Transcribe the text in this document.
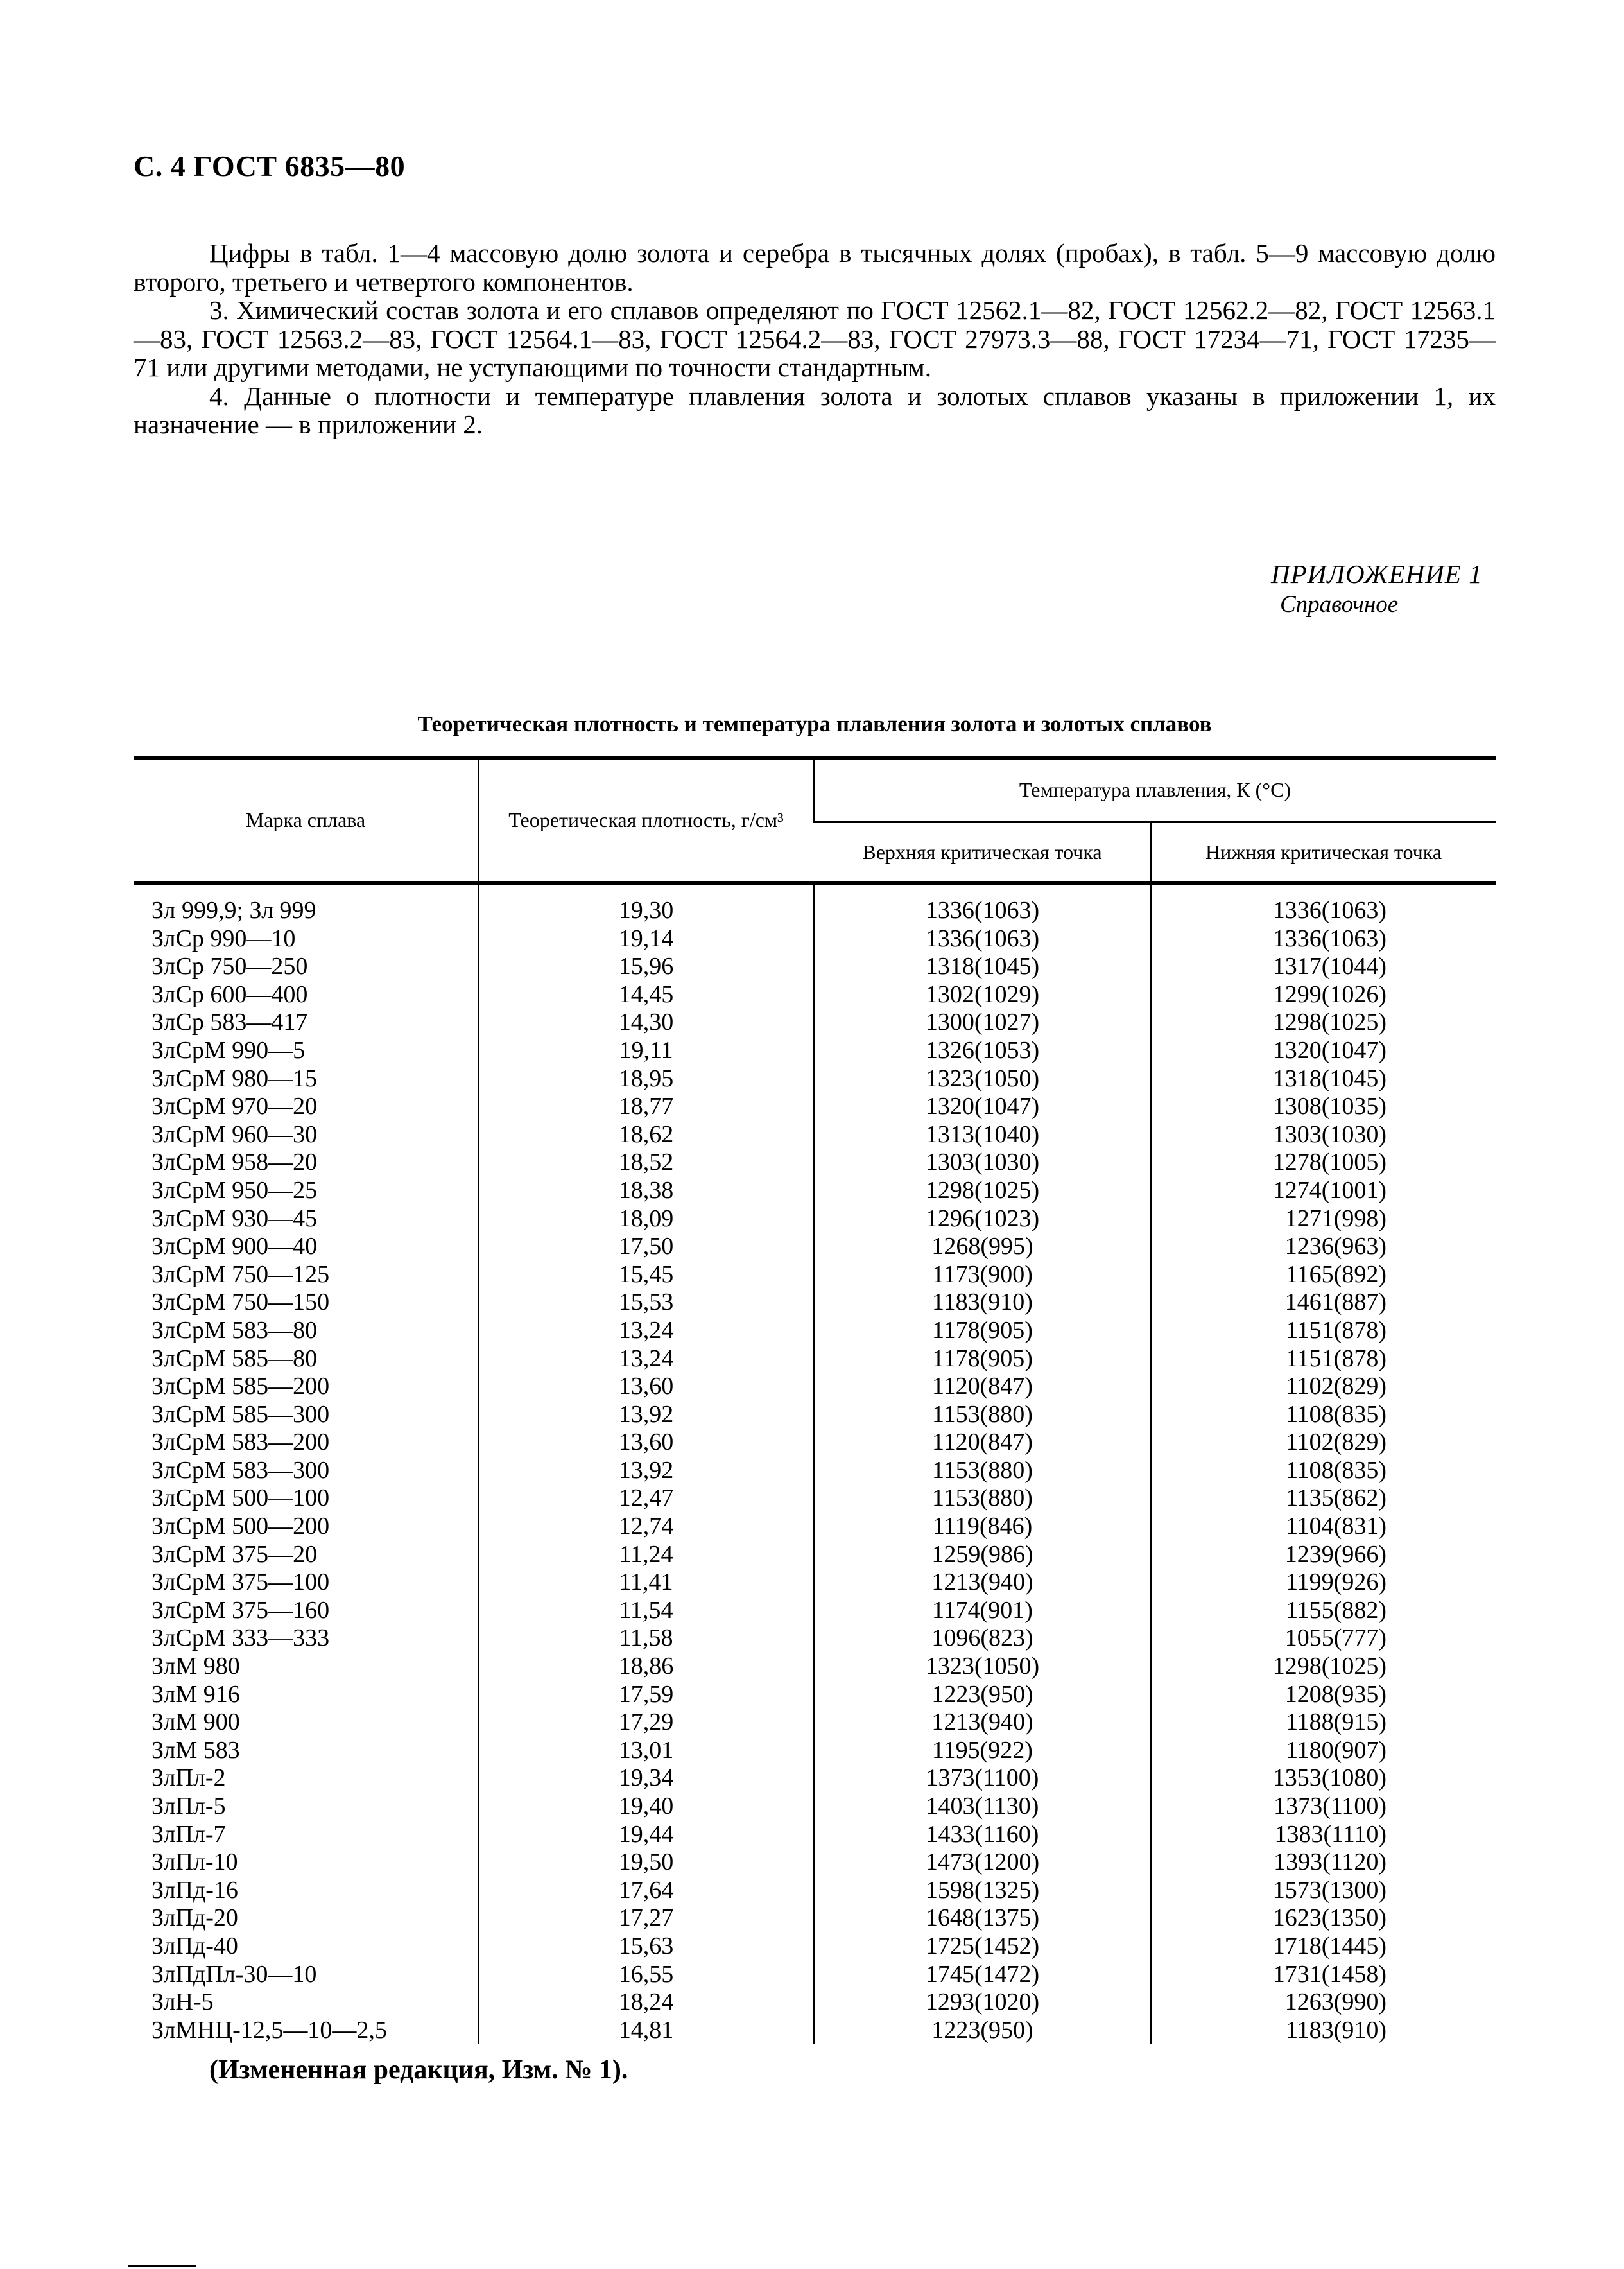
С. 4 ГОСТ 6835—80

Цифры в табл. 1—4 массовую долю золота и серебра в тысячных долях (пробах), в табл. 5—9 массовую долю второго, третьего и четвертого компонентов.

3. Химический состав золота и его сплавов определяют по ГОСТ 12562.1—82, ГОСТ 12562.2—82, ГОСТ 12563.1—83, ГОСТ 12563.2—83, ГОСТ 12564.1—83, ГОСТ 12564.2—83, ГОСТ 27973.3—88, ГОСТ 17234—71, ГОСТ 17235—71 или другими методами, не уступающими по точности стандартным.

4. Данные о плотности и температуре плавления золота и золотых сплавов указаны в приложении 1, их назначение — в приложении 2.

ПРИЛОЖЕНИЕ 1
Справочное
Теоретическая плотность и температура плавления золота и золотых сплавов
Марка сплава	Теоретическая плотность, г/см³	Температура плавления, К (°С)	
		Верхняя критическая точка	Нижняя критическая точка
Зл 999,9; Зл 999	19,30	1336(1063)	1336(1063)
ЗлСр 990—10	19,14	1336(1063)	1336(1063)
ЗлСр 750—250	15,96	1318(1045)	1317(1044)
ЗлСр 600—400	14,45	1302(1029)	1299(1026)
ЗлСр 583—417	14,30	1300(1027)	1298(1025)
ЗлСрМ 990—5	19,11	1326(1053)	1320(1047)
ЗлСрМ 980—15	18,95	1323(1050)	1318(1045)
ЗлСрМ 970—20	18,77	1320(1047)	1308(1035)
ЗлСрМ 960—30	18,62	1313(1040)	1303(1030)
ЗлСрМ 958—20	18,52	1303(1030)	1278(1005)
ЗлСрМ 950—25	18,38	1298(1025)	1274(1001)
ЗлСрМ 930—45	18,09	1296(1023)	1271(998)
ЗлСрМ 900—40	17,50	1268(995)	1236(963)
ЗлСрМ 750—125	15,45	1173(900)	1165(892)
ЗлСрМ 750—150	15,53	1183(910)	1461(887)
ЗлСрМ 583—80	13,24	1178(905)	1151(878)
ЗлСрМ 585—80	13,24	1178(905)	1151(878)
ЗлСрМ 585—200	13,60	1120(847)	1102(829)
ЗлСрМ 585—300	13,92	1153(880)	1108(835)
ЗлСрМ 583—200	13,60	1120(847)	1102(829)
ЗлСрМ 583—300	13,92	1153(880)	1108(835)
ЗлСрМ 500—100	12,47	1153(880)	1135(862)
ЗлСрМ 500—200	12,74	1119(846)	1104(831)
ЗлСрМ 375—20	11,24	1259(986)	1239(966)
ЗлСрМ 375—100	11,41	1213(940)	1199(926)
ЗлСрМ 375—160	11,54	1174(901)	1155(882)
ЗлСрМ 333—333	11,58	1096(823)	1055(777)
ЗлМ 980	18,86	1323(1050)	1298(1025)
ЗлМ 916	17,59	1223(950)	1208(935)
ЗлМ 900	17,29	1213(940)	1188(915)
ЗлМ 583	13,01	1195(922)	1180(907)
ЗлПл-2	19,34	1373(1100)	1353(1080)
ЗлПл-5	19,40	1403(1130)	1373(1100)
ЗлПл-7	19,44	1433(1160)	1383(1110)
ЗлПл-10	19,50	1473(1200)	1393(1120)
ЗлПд-16	17,64	1598(1325)	1573(1300)
ЗлПд-20	17,27	1648(1375)	1623(1350)
ЗлПд-40	15,63	1725(1452)	1718(1445)
ЗлПдПл-30—10	16,55	1745(1472)	1731(1458)
ЗлН-5	18,24	1293(1020)	1263(990)
ЗлМНЦ-12,5—10—2,5	14,81	1223(950)	1183(910)
(Измененная редакция, Изм. № 1).
